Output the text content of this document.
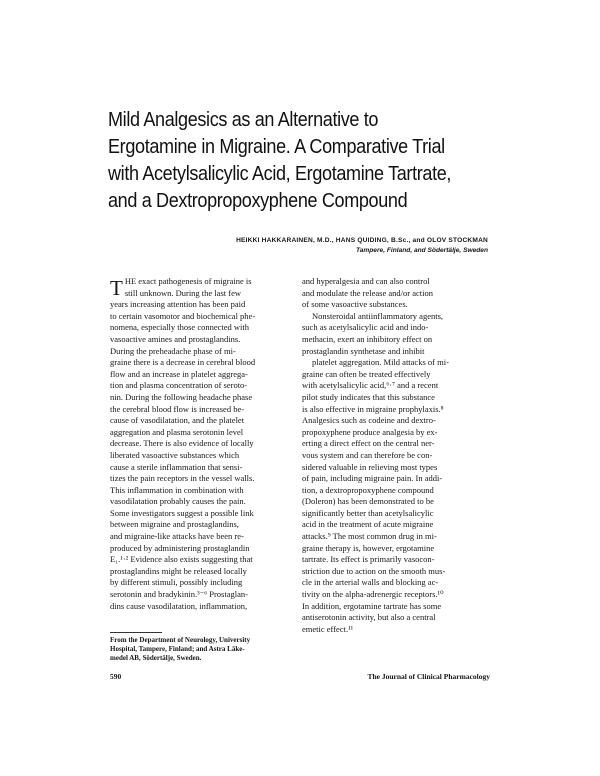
Mild Analgesics as an Alternative to
Ergotamine in Migraine. A Comparative Trial
with Acetylsalicylic Acid, Ergotamine Tartrate,
and a Dextropropoxyphene Compound
HEIKKI HAKKARAINEN, M.D., HANS QUIDING, B.Sc., and OLOV STOCKMAN
Tampere, Finland, and Södertälje, Sweden
T HE exact pathogenesis of migraine is
still unknown. During the last few
years increasing attention has been paid
to certain vasomotor and biochemical phe-
nomena, especially those connected with
vasoactive amines and prostaglandins.
During the preheadache phase of mi-
graine there is a decrease in cerebral blood
flow and an increase in platelet aggrega-
tion and plasma concentration of seroto-
nin. During the following headache phase
the cerebral blood flow is increased be-
cause of vasodilatation, and the platelet
aggregation and plasma serotonin level
decrease. There is also evidence of locally
liberated vasoactive substances which
cause a sterile inflammation that sensi-
tizes the pain receptors in the vessel walls.
This inflammation in combination with
vasodilatation probably causes the pain.
Some investigators suggest a possible link
between migraine and prostaglandins,
and migraine-like attacks have been re-
produced by administering prostaglandin
E₁.¹·² Evidence also exists suggesting that
prostaglandins might be released locally
by different stimuli, possibly including
serotonin and bradykinin.³⁻⁶ Prostaglan-
dins cause vasodilatation, inflammation,
and hyperalgesia and can also control
and modulate the release and/or action
of some vasoactive substances.
Nonsteroidal antiinflammatory agents,
such as acetylsalicylic acid and indo-
methacin, exert an inhibitory effect on
prostaglandin synthetase and inhibit
platelet aggregation. Mild attacks of mi-
graine can often be treated effectively
with acetylsalicylic acid,⁶·⁷ and a recent
pilot study indicates that this substance
is also effective in migraine prophylaxis.⁸
Analgesics such as codeine and dextro-
propoxyphene produce analgesia by ex-
erting a direct effect on the central ner-
vous system and can therefore be con-
sidered valuable in relieving most types
of pain, including migraine pain. In addi-
tion, a dextropropoxyphene compound
(Doleron) has been demonstrated to be
significantly better than acetylsalicylic
acid in the treatment of acute migraine
attacks.⁹ The most common drug in mi-
graine therapy is, however, ergotamine
tartrate. Its effect is primarily vasocon-
striction due to action on the smooth mus-
cle in the arterial walls and blocking ac-
tivity on the alpha-adrenergic receptors.¹⁰
In addition, ergotamine tartrate has some
antiserotonin activity, but also a central
emetic effect.¹¹
From the Department of Neurology, University
Hospital, Tampere, Finland; and Astra Läke-
medel AB, Södertälje, Sweden.
590	The Journal of Clinical Pharmacology
